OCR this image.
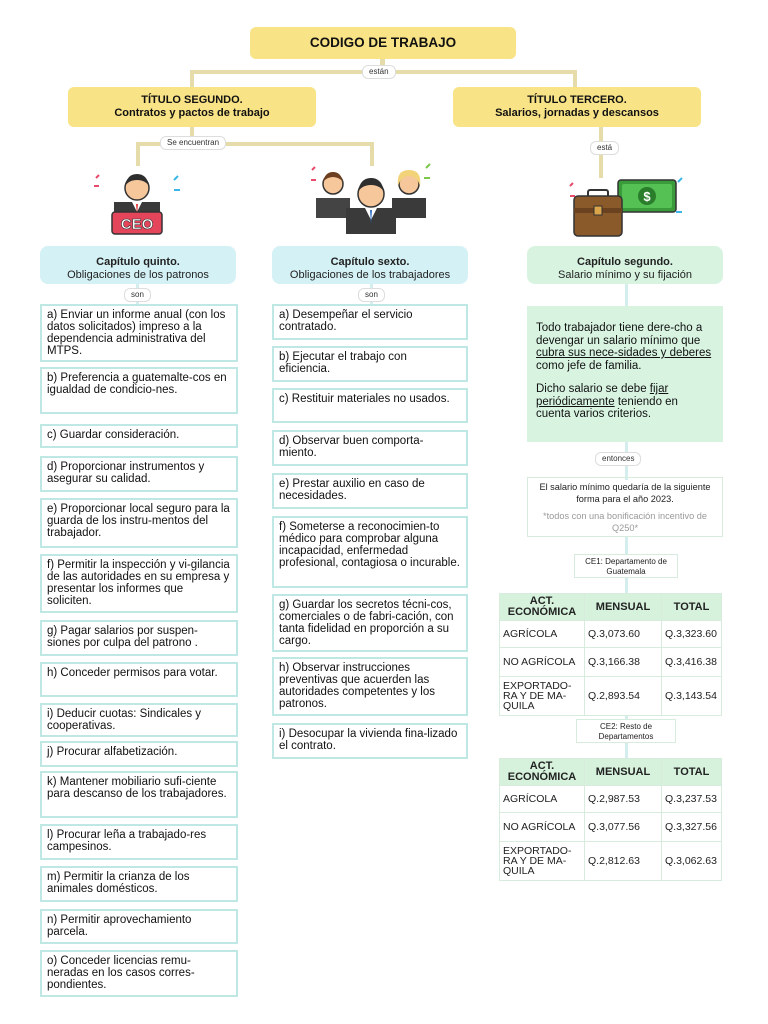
CODIGO DE TRABAJO
están
TÍTULO SEGUNDO.
Contratos y pactos de trabajo
TÍTULO TERCERO.
Salarios, jornadas y descansos
Se encuentran
está
CEO
$
Capítulo quinto.
Obligaciones de los patronos
Capítulo sexto.
Obligaciones de los trabajadores
Capítulo segundo.
Salario mínimo y su fijación
son	son
a) Enviar un informe anual (con los datos solicitados) impreso a la dependencia administrativa del MTPS.
b) Preferencia a guatemalte-cos en igualdad de condicio-nes.
c) Guardar consideración.
d) Proporcionar instrumentos y asegurar su calidad.
e) Proporcionar local seguro para la guarda de los instru-mentos del trabajador.
f) Permitir la inspección y vi-gilancia de las autoridades en su empresa y presentar los informes que soliciten.
g) Pagar salarios por suspen-siones por culpa del patrono .
h) Conceder permisos para votar.
i) Deducir cuotas: Sindicales y cooperativas.
j) Procurar alfabetización.
k) Mantener mobiliario sufi-ciente para descanso de los trabajadores.
l) Procurar leña a trabajado-res campesinos.
m) Permitir la crianza de los animales domésticos.
n) Permitir aprovechamiento parcela.
o) Conceder licencias remu-neradas en los casos corres-pondientes.
a) Desempeñar el servicio contratado.
b) Ejecutar el trabajo con eficiencia.
c) Restituir materiales no usados.
d) Observar buen comporta-miento.
e) Prestar auxilio en caso de necesidades.
f) Someterse a reconocimien-to médico para comprobar alguna incapacidad, enfermedad profesional, contagiosa o incurable.
g) Guardar los secretos técni-cos, comerciales o de fabri-cación, con tanta fidelidad en proporción a su cargo.
h) Observar instrucciones preventivas que acuerden las autoridades competentes y los patronos.
i) Desocupar la vivienda fina-lizado el contrato.
Todo trabajador tiene dere-cho a devengar un salario mínimo que cubra sus nece-sidades y deberes como jefe de familia.
Dicho salario se debe fijar periódicamente teniendo en cuenta varios criterios.
entonces
El salario mínimo quedaría de la siguiente forma para el año 2023.
*todos con una bonificación incentivo de Q250*
CE1: Departamento de Guatemala
ACT. ECONÓMICA	MENSUAL	TOTAL
AGRÍCOLA	Q.3,073.60	Q.3,323.60
NO AGRÍCOLA	Q.3,166.38	Q.3,416.38
EXPORTADO-RA Y DE MA-QUILA	Q.2,893.54	Q.3,143.54
CE2: Resto de Departamentos
ACT. ECONÓMICA	MENSUAL	TOTAL
AGRÍCOLA	Q.2,987.53	Q.3,237.53
NO AGRÍCOLA	Q.3,077.56	Q.3,327.56
EXPORTADO-RA Y DE MA-QUILA	Q.2,812.63	Q.3,062.63
